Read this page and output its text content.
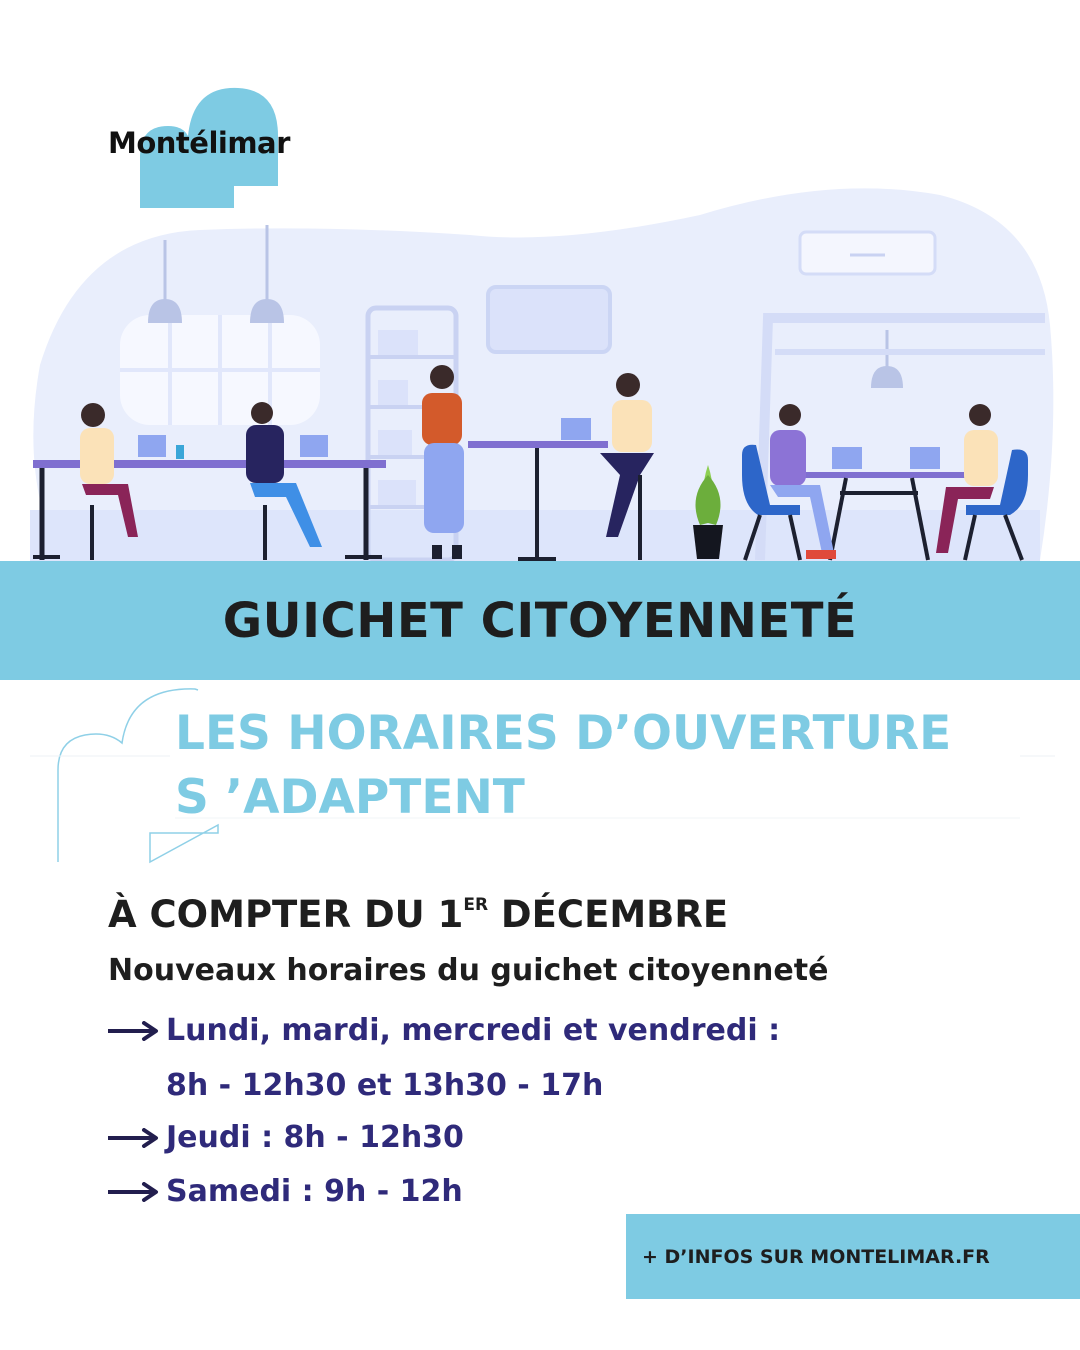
Montélimar
GUICHET CITOYENNETÉ
LES HORAIRES D’OUVERTURE
S ’ADAPTENT
À COMPTER DU 1ER DÉCEMBRE
Nouveaux horaires du guichet citoyenneté
Lundi, mardi, mercredi et vendredi :
8h - 12h30 et 13h30 - 17h
Jeudi : 8h - 12h30
Samedi : 9h - 12h
+ D’INFOS SUR MONTELIMAR.FR
